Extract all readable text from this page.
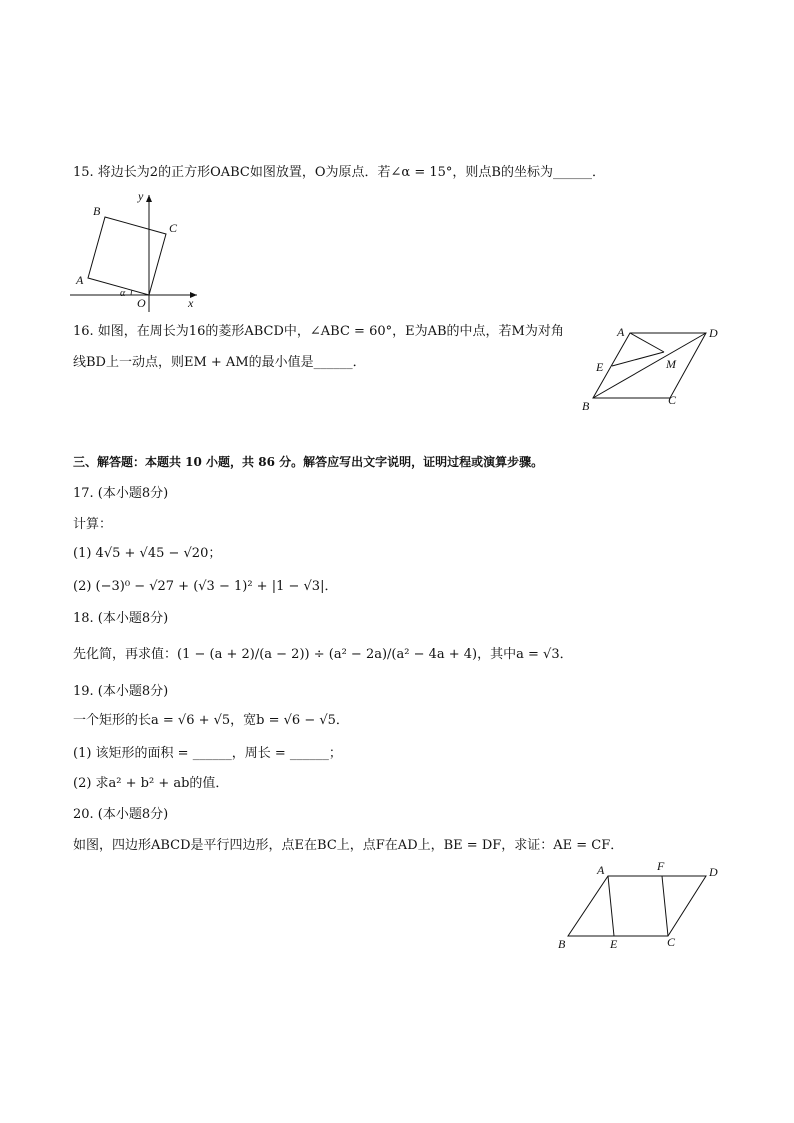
15. 将边长为2的正方形OABC如图放置，O为原点．若∠α = 15°，则点B的坐标为______．
y
x
B
C
A
O
α
16. 如图，在周长为16的菱形ABCD中，∠ABC = 60°，E为AB的中点，若M为对角
线BD上一动点，则EM + AM的最小值是______．
A	D
E	M
B	C
三、解答题：本题共 10 小题，共 86 分。解答应写出文字说明，证明过程或演算步骤。
17. (本小题8分)
计算：
(1) 4√5 + √45 − √20；
(2) (−3)⁰ − √27 + (√3 − 1)² + |1 − √3|．
18. (本小题8分)
先化简，再求值：(1 − (a + 2)/(a − 2)) ÷ (a² − 2a)/(a² − 4a + 4)，其中a = √3．
19. (本小题8分)
一个矩形的长a = √6 + √5，宽b = √6 − √5．
(1) 该矩形的面积 = ______，周长 = ______；
(2) 求a² + b² + ab的值．
20. (本小题8分)
如图，四边形ABCD是平行四边形，点E在BC上，点F在AD上，BE = DF，求证：AE = CF．
A	F	D
B	E	C
